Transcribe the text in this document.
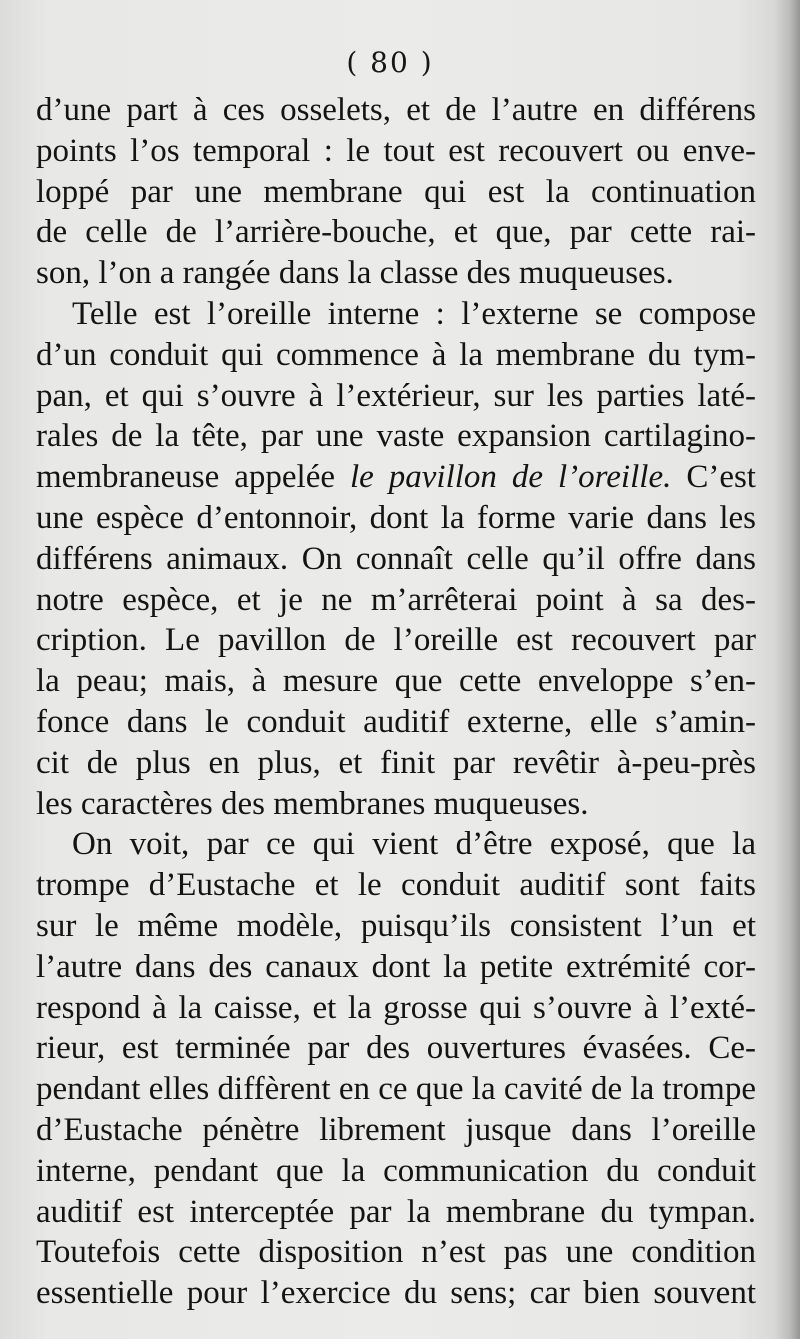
( 80 )
d’une part à ces osselets, et de l’autre en différens
points l’os temporal : le tout est recouvert ou enve-
loppé par une membrane qui est la continuation
de celle de l’arrière-bouche, et que, par cette rai-
son, l’on a rangée dans la classe des muqueuses.
Telle est l’oreille interne : l’externe se compose
d’un conduit qui commence à la membrane du tym-
pan, et qui s’ouvre à l’extérieur, sur les parties laté-
rales de la tête, par une vaste expansion cartilagino-
membraneuse appelée le pavillon de l’oreille. C’est
une espèce d’entonnoir, dont la forme varie dans les
différens animaux. On connaît celle qu’il offre dans
notre espèce, et je ne m’arrêterai point à sa des-
cription. Le pavillon de l’oreille est recouvert par
la peau; mais, à mesure que cette enveloppe s’en-
fonce dans le conduit auditif externe, elle s’amin-
cit de plus en plus, et finit par revêtir à-peu-près
les caractères des membranes muqueuses.
On voit, par ce qui vient d’être exposé, que la
trompe d’Eustache et le conduit auditif sont faits
sur le même modèle, puisqu’ils consistent l’un et
l’autre dans des canaux dont la petite extrémité cor-
respond à la caisse, et la grosse qui s’ouvre à l’exté-
rieur, est terminée par des ouvertures évasées. Ce-
pendant elles diffèrent en ce que la cavité de la trompe
d’Eustache pénètre librement jusque dans l’oreille
interne, pendant que la communication du conduit
auditif est interceptée par la membrane du tympan.
Toutefois cette disposition n’est pas une condition
essentielle pour l’exercice du sens; car bien souvent
